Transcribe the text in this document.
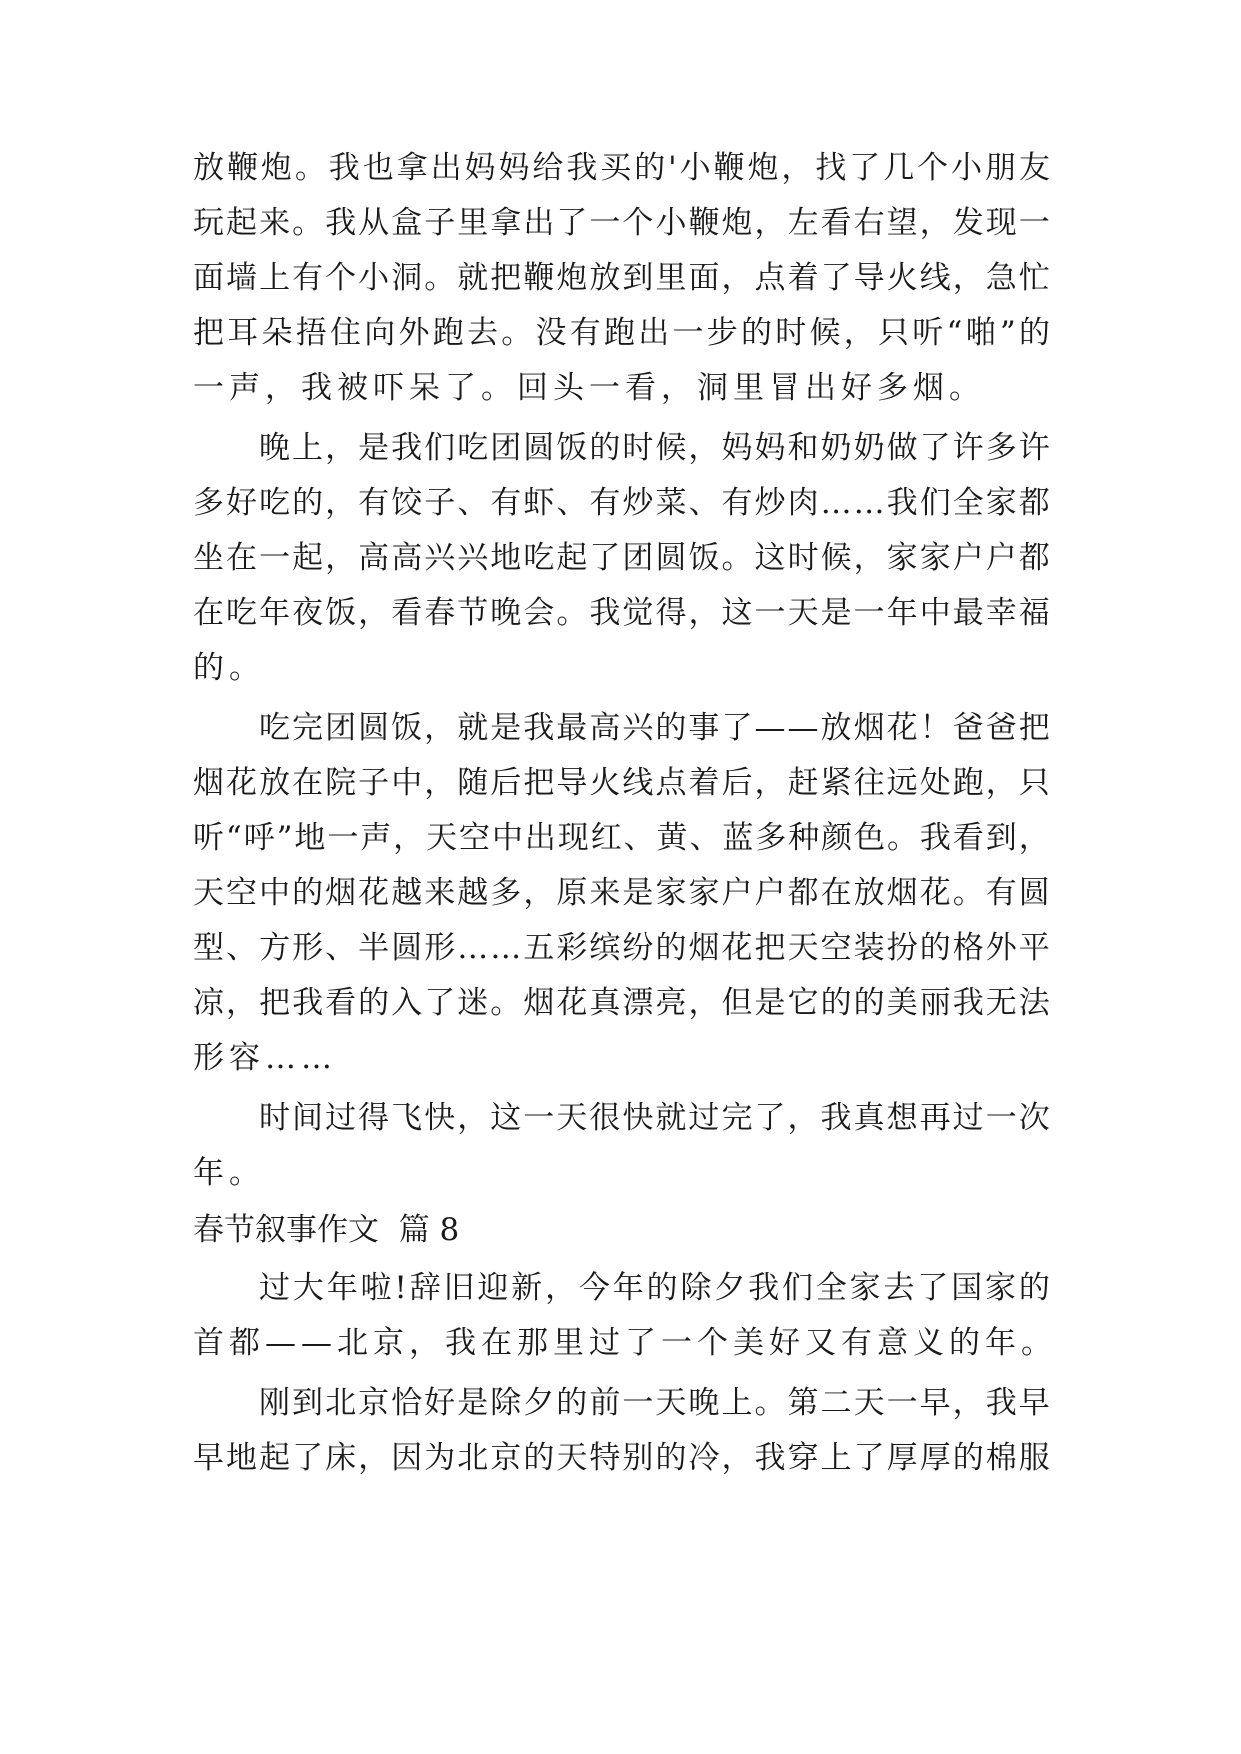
放 鞭 炮 。 我 也 拿 出 妈 妈 给 我 买 的 ' 小 鞭 炮 ， 找 了 几 个 小 朋 友
玩 起 来 。 我 从 盒 子 里 拿 出 了 一 个 小 鞭 炮 ， 左 看 右 望 ， 发 现 一
面 墙 上 有 个 小 洞 。 就 把 鞭 炮 放 到 里 面 ， 点 着 了 导 火 线 ， 急 忙
把 耳 朵 捂 住 向 外 跑 去 。 没 有 跑 出 一 步 的 时 候 ， 只 听 “ 啪 ” 的
一声，我被吓呆了。回头一看，洞里冒出好多烟。
晚 上 ， 是 我 们 吃 团 圆 饭 的 时 候 ， 妈 妈 和 奶 奶 做 了 许 多 许
多 好 吃 的 ， 有 饺 子 、 有 虾 、 有 炒 菜 、 有 炒 肉 … … 我 们 全 家 都
坐 在 一 起 ， 高 高 兴 兴 地 吃 起 了 团 圆 饭 。 这 时 候 ， 家 家 户 户 都
在 吃 年 夜 饭 ， 看 春 节 晚 会 。 我 觉 得 ， 这 一 天 是 一 年 中 最 幸 福
的。
吃 完 团 圆 饭 ， 就 是 我 最 高 兴 的 事 了 — — 放 烟 花 ！ 爸 爸 把
烟 花 放 在 院 子 中 ， 随 后 把 导 火 线 点 着 后 ， 赶 紧 往 远 处 跑 ， 只
听 “ 呼 ” 地 一 声 ， 天 空 中 出 现 红 、 黄 、 蓝 多 种 颜 色 。 我 看 到 ，
天 空 中 的 烟 花 越 来 越 多 ， 原 来 是 家 家 户 户 都 在 放 烟 花 。 有 圆
型 、 方 形 、 半 圆 形 … … 五 彩 缤 纷 的 烟 花 把 天 空 装 扮 的 格 外 平
凉 ， 把 我 看 的 入 了 迷 。 烟 花 真 漂 亮 ， 但 是 它 的 的 美 丽 我 无 法
形容……
时 间 过 得 飞 快 ， 这 一 天 很 快 就 过 完 了 ， 我 真 想 再 过 一 次
年。
春节叙事作文  篇 8
过 大 年 啦 ! 辞 旧 迎 新 ， 今 年 的 除 夕 我 们 全 家 去 了 国 家 的
首都——北京，我在那里过了一个美好又有意义的年。
刚 到 北 京 恰 好 是 除 夕 的 前 一 天 晚 上 。 第 二 天 一 早 ， 我 早
早 地 起 了 床 ， 因 为 北 京 的 天 特 别 的 冷 ， 我 穿 上 了 厚 厚 的 棉 服
